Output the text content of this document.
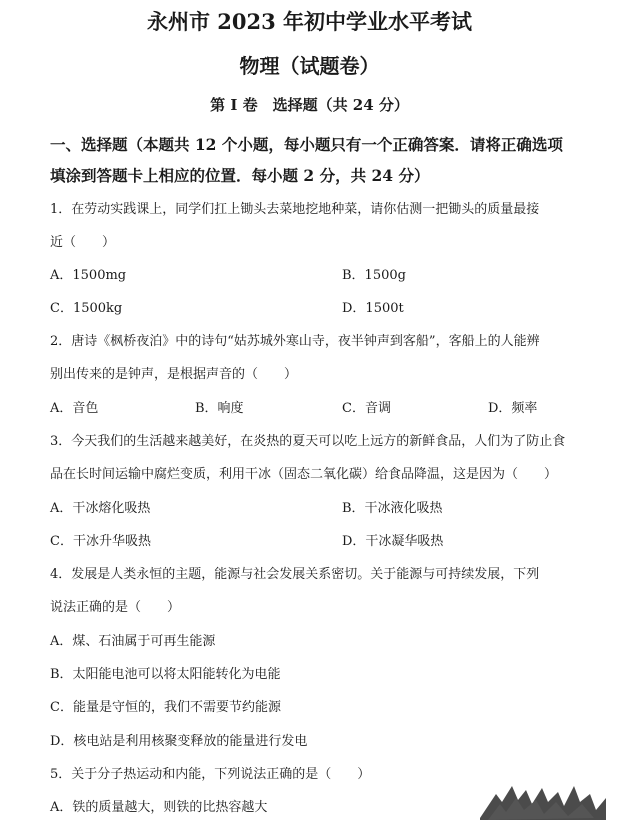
永州市 2023 年初中学业水平考试
物理（试题卷）
第 I 卷　选择题（共 24 分）
一、选择题（本题共 12 个小题，每小题只有一个正确答案．请将正确选项
填涂到答题卡上相应的位置．每小题 2 分，共 24 分）
1．在劳动实践课上，同学们扛上锄头去菜地挖地种菜，请你估测一把锄头的质量最接
近（　　）
A．1500mg	B．1500g
C．1500kg	D．1500t
2．唐诗《枫桥夜泊》中的诗句“姑苏城外寒山寺，夜半钟声到客船”，客船上的人能辨
别出传来的是钟声，是根据声音的（　　）
A．音色	B．响度	C．音调	D．频率
3．今天我们的生活越来越美好，在炎热的夏天可以吃上远方的新鲜食品，人们为了防止食
品在长时间运输中腐烂变质，利用干冰（固态二氧化碳）给食品降温，这是因为（　　）
A．干冰熔化吸热	B．干冰液化吸热
C．干冰升华吸热	D．干冰凝华吸热
4．发展是人类永恒的主题，能源与社会发展关系密切。关于能源与可持续发展，下列
说法正确的是（　　）
A．煤、石油属于可再生能源
B．太阳能电池可以将太阳能转化为电能
C．能量是守恒的，我们不需要节约能源
D．核电站是利用核聚变释放的能量进行发电
5．关于分子热运动和内能，下列说法正确的是（　　）
A．铁的质量越大，则铁的比热容越大
